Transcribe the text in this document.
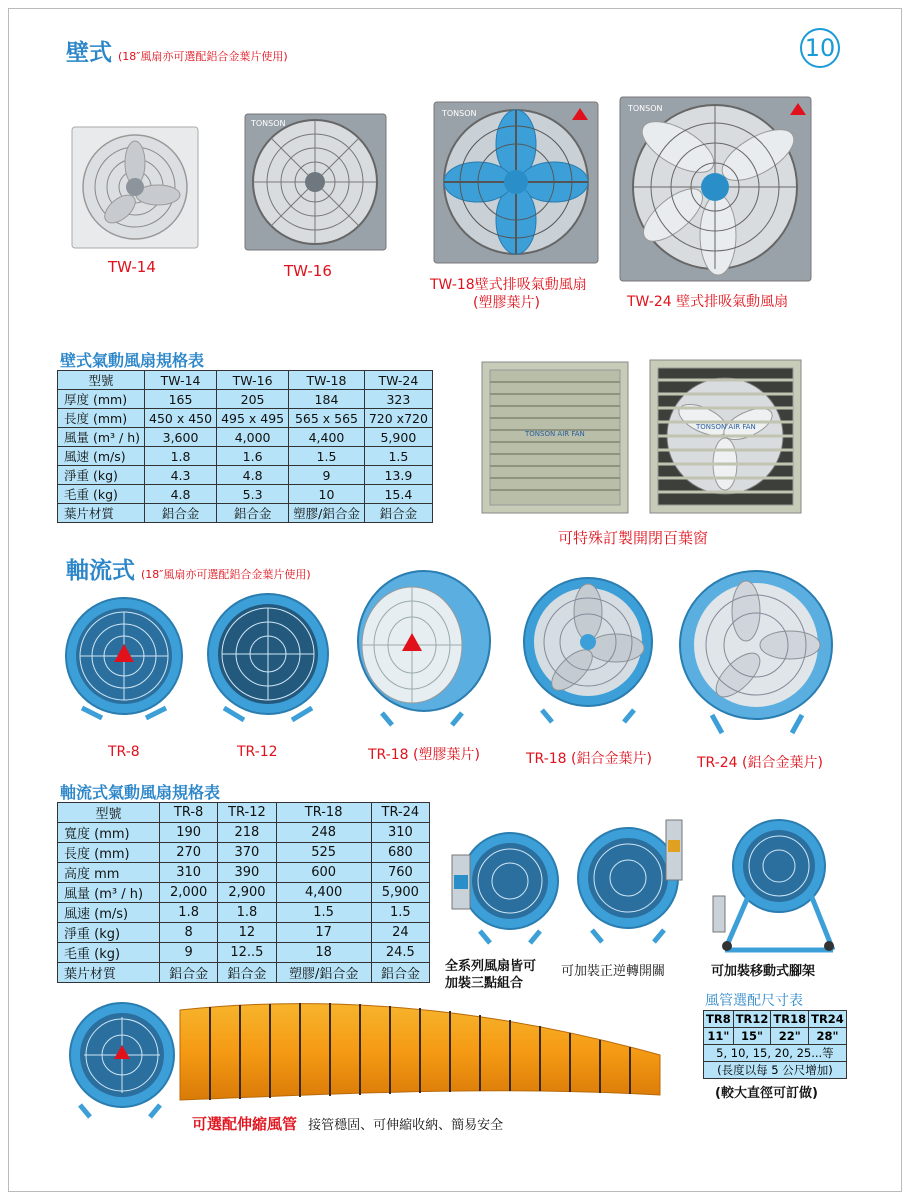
10
壁式 (18″風扇亦可選配鋁合金葉片使用)
TONSON
TONSON
TONSON
TW-14	TW-16
TW-18壁式排吸氣動風扇
(塑膠葉片)	TW-24 壁式排吸氣動風扇
壁式氣動風扇規格表
型號	TW-14	TW-16	TW-18	TW-24
厚度 (mm)	165	205	184	323
長度 (mm)	450 x 450	495 x 495	565 x 565	720 x720
風量 (m³ / h)	3,600	4,000	4,400	5,900
風速 (m/s)	1.8	1.6	1.5	1.5
淨重 (kg)	4.3	4.8	9	13.9
毛重 (kg)	4.8	5.3	10	15.4
葉片材質	鋁合金	鋁合金	塑膠/鋁合金	鋁合金
TONSON AIR FAN
TONSON AIR FAN
可特殊訂製開閉百葉窗
軸流式 (18″風扇亦可選配鋁合金葉片使用)
TR-8	TR-12	TR-18 (塑膠葉片)	TR-18 (鋁合金葉片)	TR-24 (鋁合金葉片)
軸流式氣動風扇規格表
型號	TR-8	TR-12	TR-18	TR-24
寬度 (mm)	190	218	248	310
長度 (mm)	270	370	525	680
高度 mm	310	390	600	760
風量 (m³ / h)	2,000	2,900	4,400	5,900
風速 (m/s)	1.8	1.8	1.5	1.5
淨重 (kg)	8	12	17	24
毛重 (kg)	9	12..5	18	24.5
葉片材質	鋁合金	鋁合金	塑膠/鋁合金	鋁合金
全系列風扇皆可
加裝三點組合
可加裝正逆轉開關	可加裝移動式腳架
可選配伸縮風管 接管穩固、可伸縮收納、簡易安全
風管選配尺寸表
TR8	TR12	TR18	TR24
11"	15"	22"	28"
5, 10, 15, 20, 25...等			
(長度以每 5 公尺增加)			
(較大直徑可訂做)
